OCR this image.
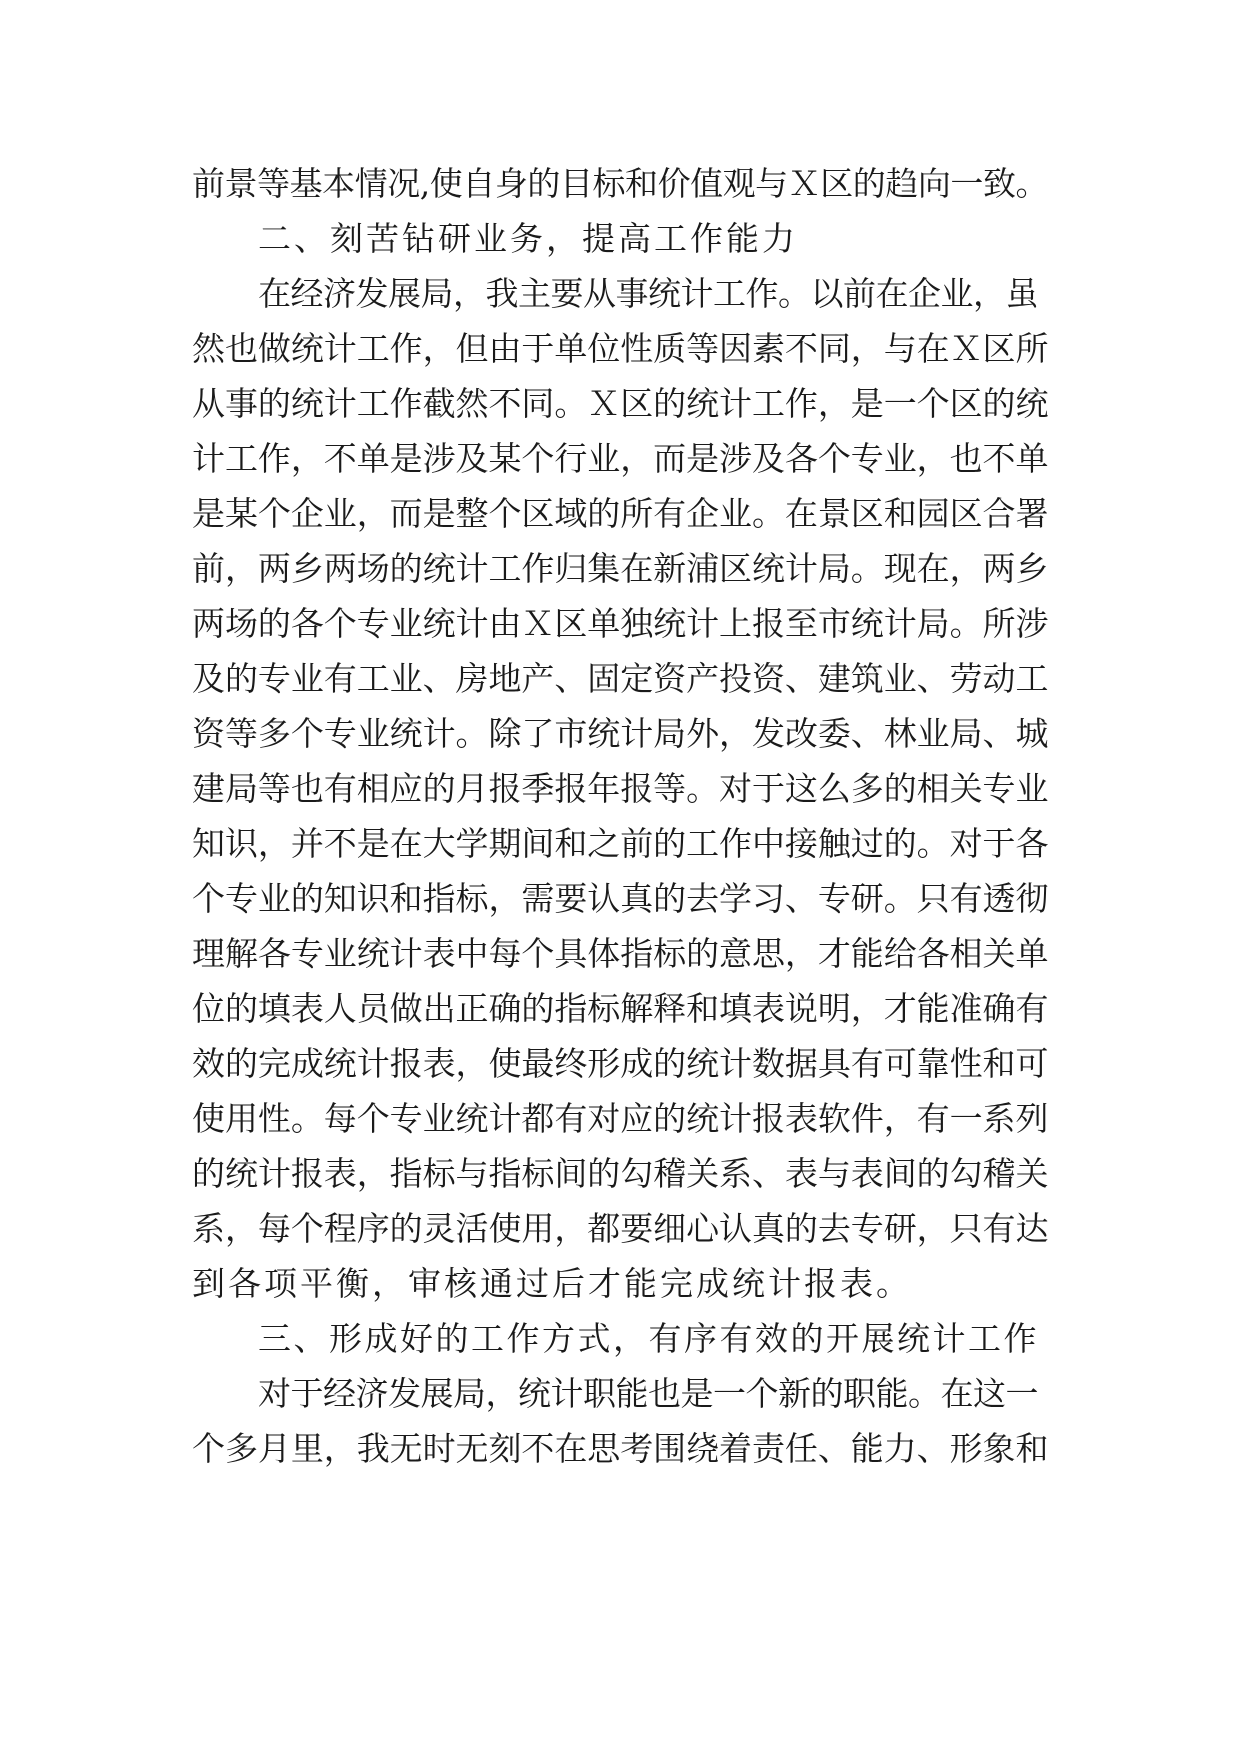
前景等基本情况,使自身的目标和价值观与Ｘ区的趋向一致。
二、刻苦钻研业务，提高工作能力
在经济发展局，我主要从事统计工作。以前在企业，虽
然也做统计工作，但由于单位性质等因素不同，与在Ｘ区所
从事的统计工作截然不同。Ｘ区的统计工作，是一个区的统
计工作，不单是涉及某个行业，而是涉及各个专业，也不单
是某个企业，而是整个区域的所有企业。在景区和园区合署
前，两乡两场的统计工作归集在新浦区统计局。现在，两乡
两场的各个专业统计由Ｘ区单独统计上报至市统计局。所涉
及的专业有工业、房地产、固定资产投资、建筑业、劳动工
资等多个专业统计。除了市统计局外，发改委、林业局、城
建局等也有相应的月报季报年报等。对于这么多的相关专业
知识，并不是在大学期间和之前的工作中接触过的。对于各
个专业的知识和指标，需要认真的去学习、专研。只有透彻
理解各专业统计表中每个具体指标的意思，才能给各相关单
位的填表人员做出正确的指标解释和填表说明，才能准确有
效的完成统计报表，使最终形成的统计数据具有可靠性和可
使用性。每个专业统计都有对应的统计报表软件，有一系列
的统计报表，指标与指标间的勾稽关系、表与表间的勾稽关
系，每个程序的灵活使用，都要细心认真的去专研，只有达
到各项平衡，审核通过后才能完成统计报表。
三、形成好的工作方式，有序有效的开展统计工作
对于经济发展局，统计职能也是一个新的职能。在这一
个多月里，我无时无刻不在思考围绕着责任、能力、形象和
